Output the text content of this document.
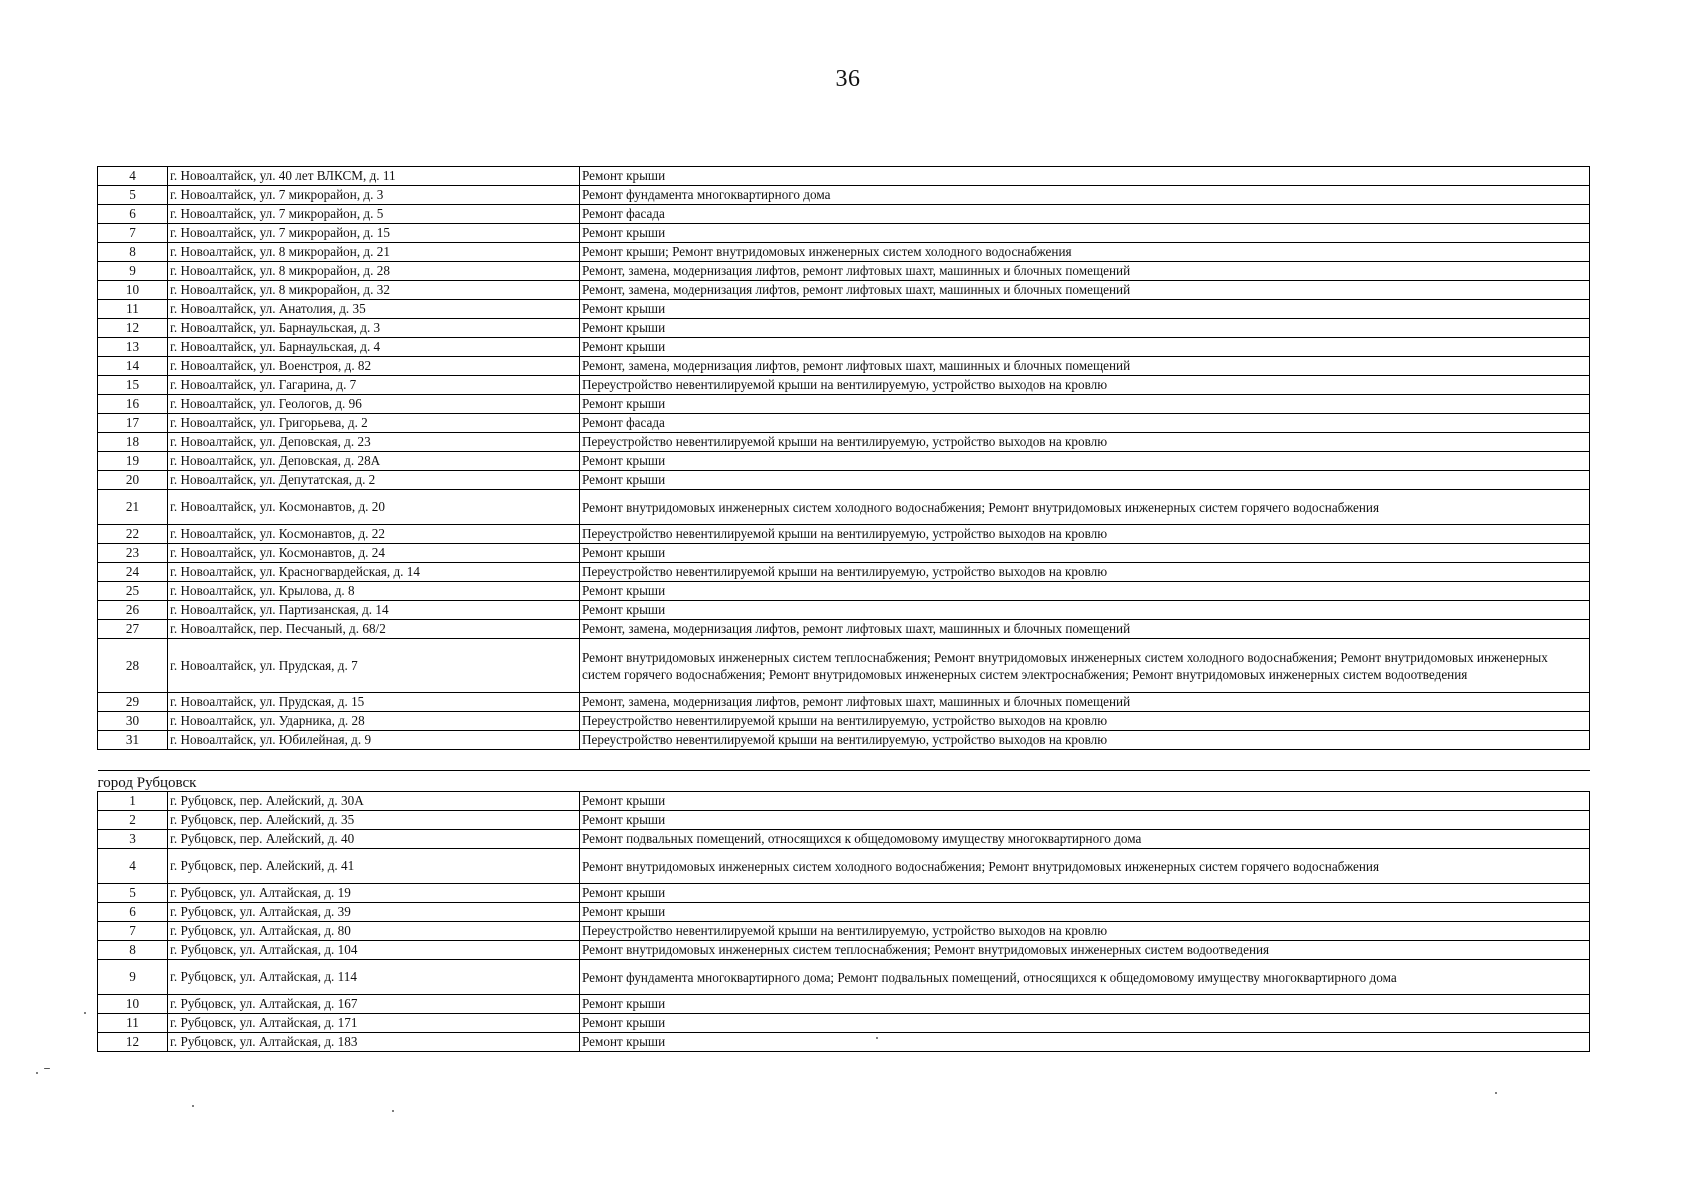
36
4	г. Новоалтайск, ул. 40 лет ВЛКСМ, д. 11	Ремонт крыши
5	г. Новоалтайск, ул. 7 микрорайон, д. 3	Ремонт фундамента многоквартирного дома
6	г. Новоалтайск, ул. 7 микрорайон, д. 5	Ремонт фасада
7	г. Новоалтайск, ул. 7 микрорайон, д. 15	Ремонт крыши
8	г. Новоалтайск, ул. 8 микрорайон, д. 21	Ремонт крыши; Ремонт внутридомовых инженерных систем холодного водоснабжения
9	г. Новоалтайск, ул. 8 микрорайон, д. 28	Ремонт, замена, модернизация лифтов, ремонт лифтовых шахт, машинных и блочных помещений
10	г. Новоалтайск, ул. 8 микрорайон, д. 32	Ремонт, замена, модернизация лифтов, ремонт лифтовых шахт, машинных и блочных помещений
11	г. Новоалтайск, ул. Анатолия, д. 35	Ремонт крыши
12	г. Новоалтайск, ул. Барнаульская, д. 3	Ремонт крыши
13	г. Новоалтайск, ул. Барнаульская, д. 4	Ремонт крыши
14	г. Новоалтайск, ул. Военстроя, д. 82	Ремонт, замена, модернизация лифтов, ремонт лифтовых шахт, машинных и блочных помещений
15	г. Новоалтайск, ул. Гагарина, д. 7	Переустройство невентилируемой крыши на вентилируемую, устройство выходов на кровлю
16	г. Новоалтайск, ул. Геологов, д. 96	Ремонт крыши
17	г. Новоалтайск, ул. Григорьева, д. 2	Ремонт фасада
18	г. Новоалтайск, ул. Деповская, д. 23	Переустройство невентилируемой крыши на вентилируемую, устройство выходов на кровлю
19	г. Новоалтайск, ул. Деповская, д. 28А	Ремонт крыши
20	г. Новоалтайск, ул. Депутатская, д. 2	Ремонт крыши
21	г. Новоалтайск, ул. Космонавтов, д. 20	Ремонт внутридомовых инженерных систем холодного водоснабжения; Ремонт внутридомовых инженерных систем горячего водоснабжения
22	г. Новоалтайск, ул. Космонавтов, д. 22	Переустройство невентилируемой крыши на вентилируемую, устройство выходов на кровлю
23	г. Новоалтайск, ул. Космонавтов, д. 24	Ремонт крыши
24	г. Новоалтайск, ул. Красногвардейская, д. 14	Переустройство невентилируемой крыши на вентилируемую, устройство выходов на кровлю
25	г. Новоалтайск, ул. Крылова, д. 8	Ремонт крыши
26	г. Новоалтайск, ул. Партизанская, д. 14	Ремонт крыши
27	г. Новоалтайск, пер. Песчаный, д. 68/2	Ремонт, замена, модернизация лифтов, ремонт лифтовых шахт, машинных и блочных помещений
28	г. Новоалтайск, ул. Прудская, д. 7	Ремонт внутридомовых инженерных систем теплоснабжения; Ремонт внутридомовых инженерных систем холодного водоснабжения; Ремонт внутридомовых инженерных систем горячего водоснабжения; Ремонт внутридомовых инженерных систем электроснабжения; Ремонт внутридомовых инженерных систем водоотведения
29	г. Новоалтайск, ул. Прудская, д. 15	Ремонт, замена, модернизация лифтов, ремонт лифтовых шахт, машинных и блочных помещений
30	г. Новоалтайск, ул. Ударника, д. 28	Переустройство невентилируемой крыши на вентилируемую, устройство выходов на кровлю
31	г. Новоалтайск, ул. Юбилейная, д. 9	Переустройство невентилируемой крыши на вентилируемую, устройство выходов на кровлю

город Рубцовск		
1	г. Рубцовск, пер. Алейский, д. 30А	Ремонт крыши
2	г. Рубцовск, пер. Алейский, д. 35	Ремонт крыши
3	г. Рубцовск, пер. Алейский, д. 40	Ремонт подвальных помещений, относящихся к общедомовому имуществу многоквартирного дома
4	г. Рубцовск, пер. Алейский, д. 41	Ремонт внутридомовых инженерных систем холодного водоснабжения; Ремонт внутридомовых инженерных систем горячего водоснабжения
5	г. Рубцовск, ул. Алтайская, д. 19	Ремонт крыши
6	г. Рубцовск, ул. Алтайская, д. 39	Ремонт крыши
7	г. Рубцовск, ул. Алтайская, д. 80	Переустройство невентилируемой крыши на вентилируемую, устройство выходов на кровлю
8	г. Рубцовск, ул. Алтайская, д. 104	Ремонт внутридомовых инженерных систем теплоснабжения; Ремонт внутридомовых инженерных систем водоотведения
9	г. Рубцовск, ул. Алтайская, д. 114	Ремонт фундамента многоквартирного дома; Ремонт подвальных помещений, относящихся к общедомовому имуществу многоквартирного дома
10	г. Рубцовск, ул. Алтайская, д. 167	Ремонт крыши
11	г. Рубцовск, ул. Алтайская, д. 171	Ремонт крыши
12	г. Рубцовск, ул. Алтайская, д. 183	Ремонт крыши
